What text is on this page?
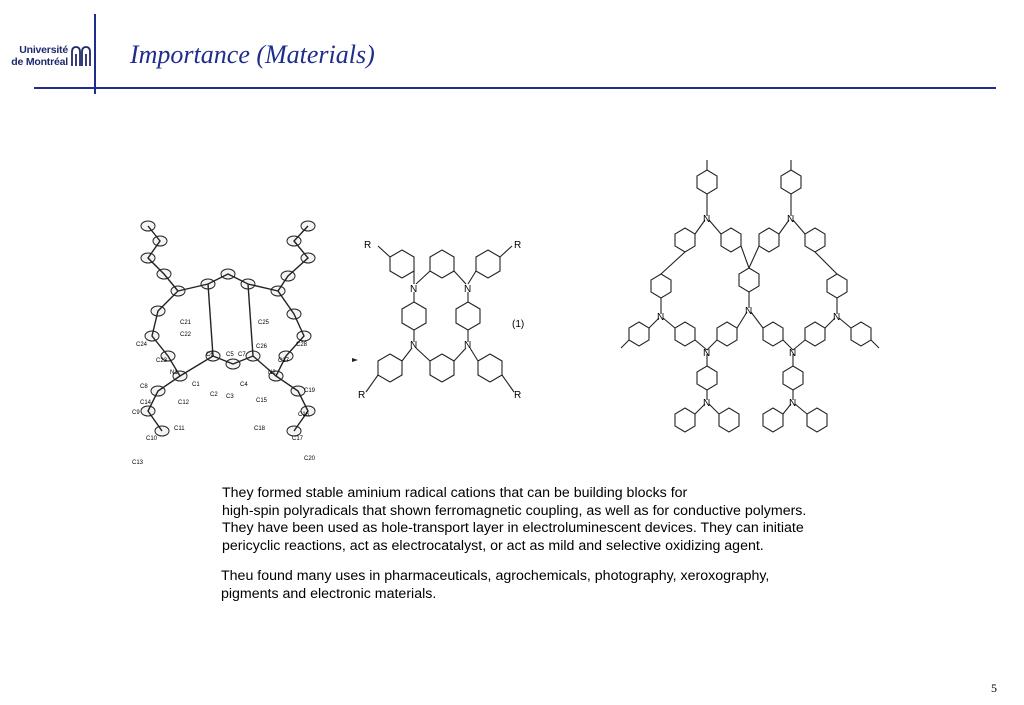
Université
de Montréal Importance (Materials)
C24
C22
C21
C23
C25
C26
C27
C28
C8
C6 C5
C1
C2 C3
C4
C7
N1	N2
C9
C14	C12
C11
C10
C13
C15
C19
C16
C18
C17
C20
R	R
R	R
N	N
N	N
(1)
N	N
N
N	N
N	N
N	N
They formed stable aminium radical cations that can be building blocks for
high-spin polyradicals that shown ferromagnetic coupling, as well as for conductive polymers.
They have been used as hole-transport layer in electroluminescent devices. They can initiate
pericyclic reactions, act as electrocatalyst, or act as mild and selective oxidizing agent.
Theu found many uses in pharmaceuticals, agrochemicals, photography, xeroxography,
pigments and electronic materials.
5
